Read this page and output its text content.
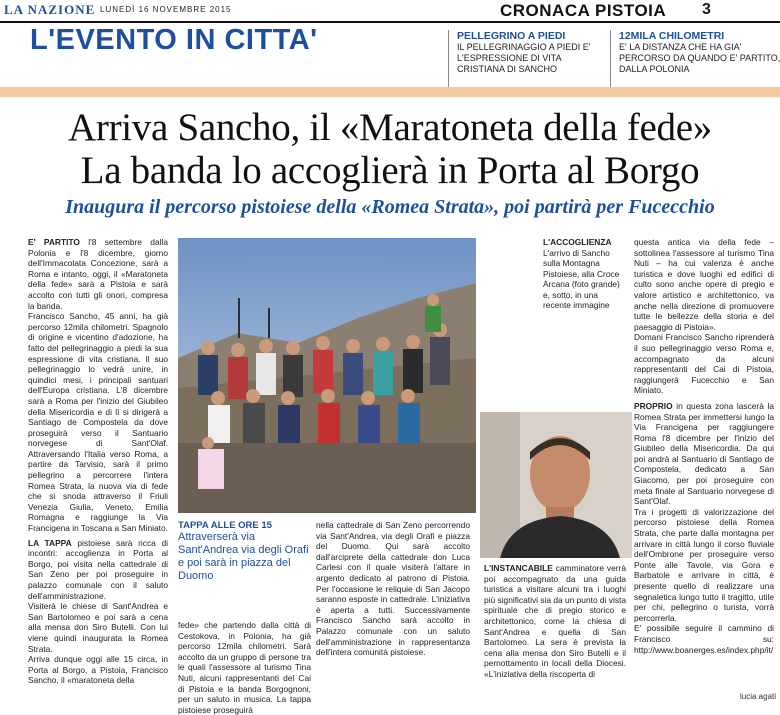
LA NAZIONE LUNEDÌ 16 NOVEMBRE 2015	CRONACA PISTOIA 3
L'EVENTO IN CITTA'	PELLEGRINO A PIEDI

IL PELLEGRINAGGIO A PIEDI E' L'ESPRESSIONE DI VITA CRISTIANA DI SANCHO

12MILA CHILOMETRI

E' LA DISTANZA CHE HA GIA' PERCORSO DA QUANDO E' PARTITO, DALLA POLONIA

Arriva Sancho, il «Maratoneta della fede»
La banda lo accoglierà in Porta al Borgo
Inaugura il percorso pistoiese della «Romea Strata», poi partirà per Fucecchio

E' PARTITO l'8 settembre dalla Polonia e l'8 dicembre, giorno dell'Immacolata Concezione, sarà a Roma e intanto, oggi, il «Maratoneta della fede» sarà a Pistoia e sarà accolto con tutti gli onori, compresa la banda.

Francisco Sancho, 45 anni, ha già percorso 12mila chilometri. Spagnolo di origine e vicentino d'adozione, ha fatto del pellegrinaggio a piedi la sua espressione di vita cristiana. Il suo pellegrinaggio lo vedrà unire, in quindici mesi, i principali santuari dell'Europa cristiana. L'8 dicembre sarà a Roma per l'inizio del Giubileo della Misericordia e di lì si dirigerà a Santiago de Compostela da dove proseguirà verso il Santuario norvegese di Sant'Olaf. Attraversando l'Italia verso Roma, a partire da Tarvisio, sarà il primo pellegrino a percorrere l'intera Romea Strata, la nuova via di fede che si snoda attraverso il Friuli Venezia Giulia, Veneto, Emilia Romagna e raggiunge la Via Francigena in Toscana a San Miniato.

LA TAPPA pistoiese sarà ricca di incontri: accoglienza in Porta al Borgo, poi visita nella cattedrale di San Zeno per poi proseguire in palazzo comunale con il saluto dell'amministrazione.

Visiterà le chiese di Sant'Andrea e San Bartolomeo e poi sarà a cena alla mensa don Siro Butelli. Con lui viene quindi inaugurata la Romea Strata.

Arriva dunque oggi alle 15 circa, in Porta al Borgo, a Pistoia, Francisco Sancho, il «maratoneta della

L'ACCOGLIENZA L'arrivo di Sancho sulla Montagna Pistoiese, alla Croce Arcana (foto grande) e, sotto, in una recente immagine
TAPPA ALLE ORE 15
Attraverserà via Sant'Andrea via degli Orafi e poi sarà in piazza del Duomo
fede» che partendo dalla città di Cestokova, in Polonia, ha già percorso 12mila chilometri. Sarà accolto da un gruppo di persone tra le quali l'assessore al turismo Tina Nuti, alcuni rappresentanti del Cai di Pistoia e la banda Borgognoni, per un saluto in musica. La tappa pistoiese proseguirà
nella cattedrale di San Zeno percorrendo via Sant'Andrea, via degli Orafi e piazza del Duomo. Qui sarà accolto dall'arciprete della cattedrale don Luca Carlesi con il quale visiterà l'altare in argento dedicato al patrono di Pistoia. Per l'occasione le reliquie di San Jacopo saranno esposte in cattedrale. L'iniziativa è aperta a tutti. Successivamente Francisco Sancho sarà accolto in Palazzo comunale con un saluto dell'amministrazione in rappresentanza dell'intera comunità pistoiese.
L'INSTANCABILE camminatore verrà poi accompagnato da una guida turistica a visitare alcuni tra i luoghi più significativi sia da un punto di vista spirituale che di pregio storico e architettonico, come la chiesa di Sant'Andrea e quella di San Bartolomeo. La sera è prevista la cena alla mensa don Siro Butelli e il pernottamento in locali della Diocesi. «L'iniziativa della riscoperta di

questa antica via della fede – sottolinea l'assessore al turismo Tina Nuti – ha cui valenza è anche turistica e dove luoghi ed edifici di culto sono anche opere di pregio e valore artistico e architettonico, va anche nella direzione di promuovere tutte le bellezze della storia e del paesaggio di Pistoia».

Domani Francisco Sancho riprenderà il suo pellegrinaggio verso Roma e, accompagnato da alcuni rappresentanti del Cai di Pistoia, raggiungerà Fucecchio e San Miniato.

PROPRIO in questa zona lascerà la Romea Strata per immettersi lungo la Via Francigena per raggiungere Roma l'8 dicembre per l'inizio del Giubileo della Misericordia. Da qui poi andrà al Santuario di Santiago de Compostela, dedicato a San Giacomo, per poi proseguire con meta finale al Santuario norvegese di Sant'Olaf.

Tra i progetti di valorizzazione del percorso pistoiese della Romea Strata, che parte dalla montagna per arrivare in città lungo il corso fluviale dell'Ombrone per proseguire verso Ponte alle Tavole, via Gora e Barbatole e arrivare in città, è presente quello di realizzare una segnaletica lungo tutto il tragitto, utile per chi, pellegrino o turista, vorrà percorrerla.

E' possibile seguire il cammino di Francisco su: http://www.boanerges.es/index.php/it/

lucia agati
